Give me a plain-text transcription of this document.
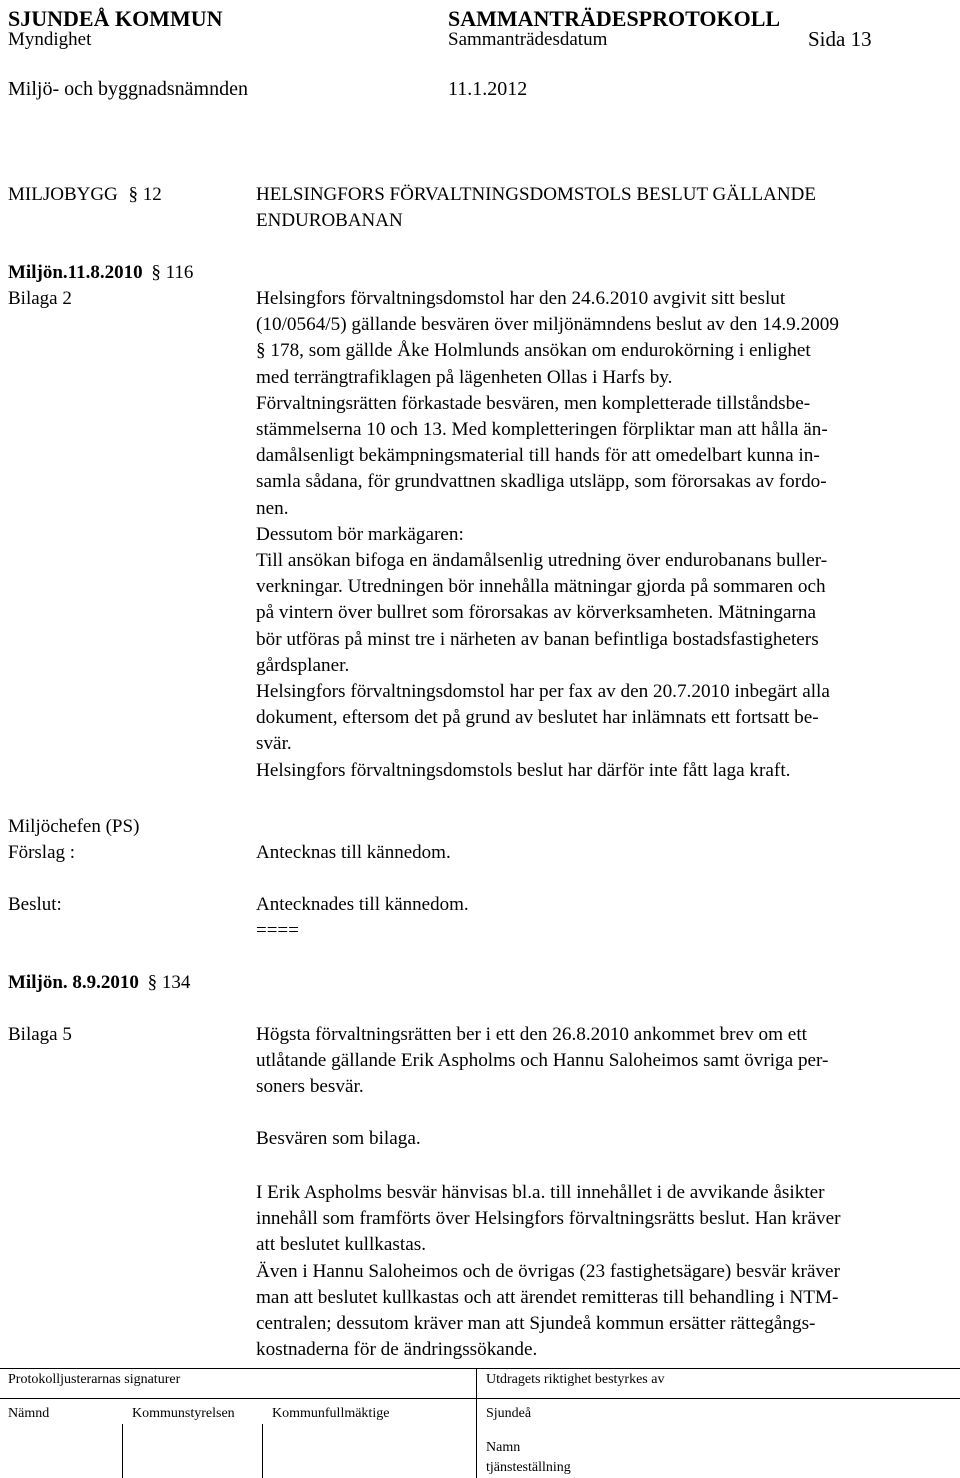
SJUNDEÅ KOMMUN	SAMMANTRÄDESPROTOKOLL
Myndighet	Sammanträdesdatum	Sida 13
Miljö- och byggnadsnämnden	11.1.2012
MILJOBYGG § 12	HELSINGFORS FÖRVALTNINGSDOMSTOLS BESLUT GÄLLANDE
ENDUROBANAN
Miljön.11.8.2010 § 116
Bilaga 2	Helsingfors förvaltningsdomstol har den 24.6.2010 avgivit sitt beslut
(10/0564/5) gällande besvären över miljönämndens beslut av den 14.9.2009
§ 178, som gällde Åke Holmlunds ansökan om endurokörning i enlighet
med terrängtrafiklagen på lägenheten Ollas i Harfs by.
Förvaltningsrätten förkastade besvären, men kompletterade tillståndsbe-
stämmelserna 10 och 13. Med kompletteringen förpliktar man att hålla än-
damålsenligt bekämpningsmaterial till hands för att omedelbart kunna in-
samla sådana, för grundvattnen skadliga utsläpp, som förorsakas av fordo-
nen.
Dessutom bör markägaren:
Till ansökan bifoga en ändamålsenlig utredning över endurobanans buller-
verkningar. Utredningen bör innehålla mätningar gjorda på sommaren och
på vintern över bullret som förorsakas av körverksamheten. Mätningarna
bör utföras på minst tre i närheten av banan befintliga bostadsfastigheters
gårdsplaner.
Helsingfors förvaltningsdomstol har per fax av den 20.7.2010 inbegärt alla
dokument, eftersom det på grund av beslutet har inlämnats ett fortsatt be-
svär.
Helsingfors förvaltningsdomstols beslut har därför inte fått laga kraft.
Miljöchefen (PS)
Förslag :	Antecknas till kännedom.
Beslut:	Antecknades till kännedom.
====
Miljön. 8.9.2010 § 134
Bilaga 5	Högsta förvaltningsrätten ber i ett den 26.8.2010 ankommet brev om ett
utlåtande gällande Erik Aspholms och Hannu Saloheimos samt övriga per-
soners besvär.
Besvären som bilaga.
I Erik Aspholms besvär hänvisas bl.a. till innehållet i de avvikande åsikter
innehåll som framförts över Helsingfors förvaltningsrätts beslut. Han kräver
att beslutet kullkastas.
Även i Hannu Saloheimos och de övrigas (23 fastighetsägare) besvär kräver
man att beslutet kullkastas och att ärendet remitteras till behandling i NTM-
centralen; dessutom kräver man att Sjundeå kommun ersätter rättegångs-
kostnaderna för de ändringssökande.
Protokolljusterarnas signaturer	Utdragets riktighet bestyrkes av
Nämnd	Kommunstyrelsen	Kommunfullmäktige	Sjundeå
Namn
tjänsteställning
